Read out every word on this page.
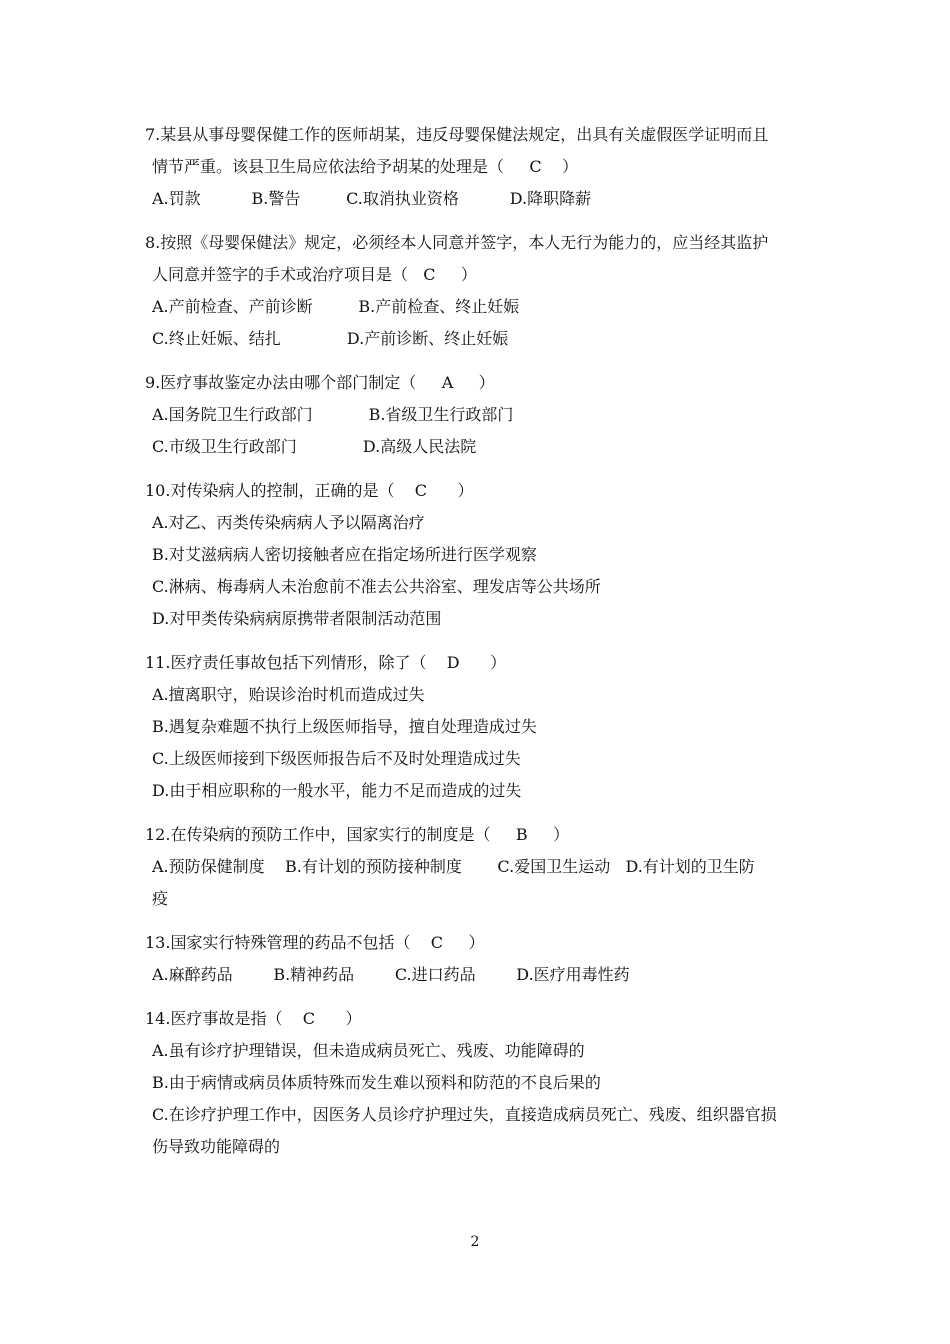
7.某县从事母婴保健工作的医师胡某，违反母婴保健法规定，出具有关虚假医学证明而且
情节严重。该县卫生局应依法给予胡某的处理是（     C    ）
A.罚款          B.警告         C.取消执业资格          D.降职降薪
8.按照《母婴保健法》规定，必须经本人同意并签字，本人无行为能力的，应当经其监护
人同意并签字的手术或治疗项目是（   C     ）
A.产前检查、产前诊断         B.产前检查、终止妊娠
C.终止妊娠、结扎             D.产前诊断、终止妊娠
9.医疗事故鉴定办法由哪个部门制定（     A     ）
A.国务院卫生行政部门           B.省级卫生行政部门
C.市级卫生行政部门             D.高级人民法院
10.对传染病人的控制，正确的是（    C      ）
A.对乙、丙类传染病病人予以隔离治疗
B.对艾滋病病人密切接触者应在指定场所进行医学观察
C.淋病、梅毒病人未治愈前不准去公共浴室、理发店等公共场所
D.对甲类传染病病原携带者限制活动范围
11.医疗责任事故包括下列情形，除了（    D      ）
A.擅离职守，贻误诊治时机而造成过失
B.遇复杂难题不执行上级医师指导，擅自处理造成过失
C.上级医师接到下级医师报告后不及时处理造成过失
D.由于相应职称的一般水平，能力不足而造成的过失
12.在传染病的预防工作中，国家实行的制度是（     B     ）
A.预防保健制度    B.有计划的预防接种制度       C.爱国卫生运动   D.有计划的卫生防
疫
13.国家实行特殊管理的药品不包括（    C     ）
A.麻醉药品        B.精神药品        C.进口药品        D.医疗用毒性药
14.医疗事故是指（    C      ）
A.虽有诊疗护理错误，但未造成病员死亡、残废、功能障碍的
B.由于病情或病员体质特殊而发生难以预料和防范的不良后果的
C.在诊疗护理工作中，因医务人员诊疗护理过失，直接造成病员死亡、残废、组织器官损
伤导致功能障碍的
2
